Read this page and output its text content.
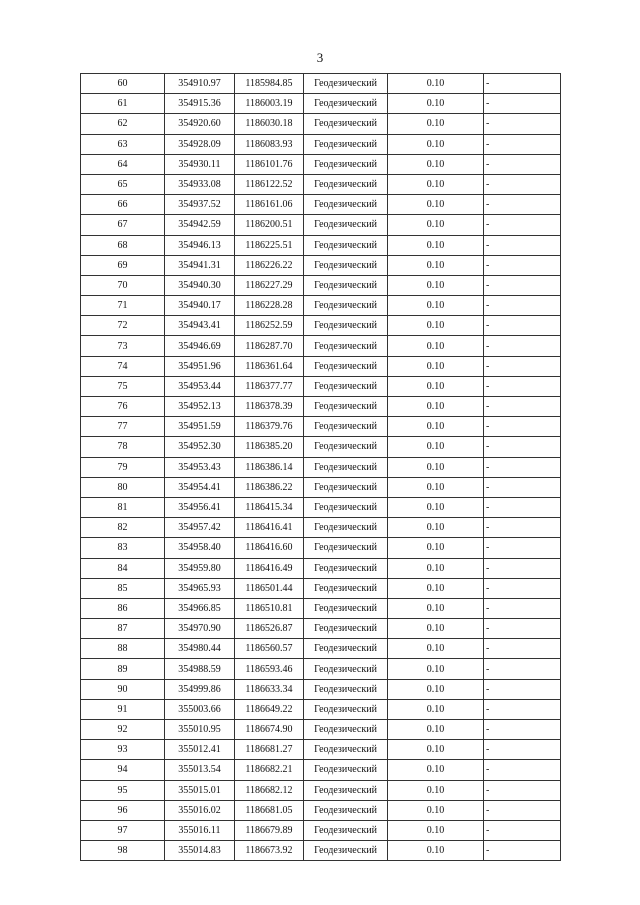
3
60	354910.97	1185984.85	Геодезический	0.10	-
61	354915.36	1186003.19	Геодезический	0.10	-
62	354920.60	1186030.18	Геодезический	0.10	-
63	354928.09	1186083.93	Геодезический	0.10	-
64	354930.11	1186101.76	Геодезический	0.10	-
65	354933.08	1186122.52	Геодезический	0.10	-
66	354937.52	1186161.06	Геодезический	0.10	-
67	354942.59	1186200.51	Геодезический	0.10	-
68	354946.13	1186225.51	Геодезический	0.10	-
69	354941.31	1186226.22	Геодезический	0.10	-
70	354940.30	1186227.29	Геодезический	0.10	-
71	354940.17	1186228.28	Геодезический	0.10	-
72	354943.41	1186252.59	Геодезический	0.10	-
73	354946.69	1186287.70	Геодезический	0.10	-
74	354951.96	1186361.64	Геодезический	0.10	-
75	354953.44	1186377.77	Геодезический	0.10	-
76	354952.13	1186378.39	Геодезический	0.10	-
77	354951.59	1186379.76	Геодезический	0.10	-
78	354952.30	1186385.20	Геодезический	0.10	-
79	354953.43	1186386.14	Геодезический	0.10	-
80	354954.41	1186386.22	Геодезический	0.10	-
81	354956.41	1186415.34	Геодезический	0.10	-
82	354957.42	1186416.41	Геодезический	0.10	-
83	354958.40	1186416.60	Геодезический	0.10	-
84	354959.80	1186416.49	Геодезический	0.10	-
85	354965.93	1186501.44	Геодезический	0.10	-
86	354966.85	1186510.81	Геодезический	0.10	-
87	354970.90	1186526.87	Геодезический	0.10	-
88	354980.44	1186560.57	Геодезический	0.10	-
89	354988.59	1186593.46	Геодезический	0.10	-
90	354999.86	1186633.34	Геодезический	0.10	-
91	355003.66	1186649.22	Геодезический	0.10	-
92	355010.95	1186674.90	Геодезический	0.10	-
93	355012.41	1186681.27	Геодезический	0.10	-
94	355013.54	1186682.21	Геодезический	0.10	-
95	355015.01	1186682.12	Геодезический	0.10	-
96	355016.02	1186681.05	Геодезический	0.10	-
97	355016.11	1186679.89	Геодезический	0.10	-
98	355014.83	1186673.92	Геодезический	0.10	-
